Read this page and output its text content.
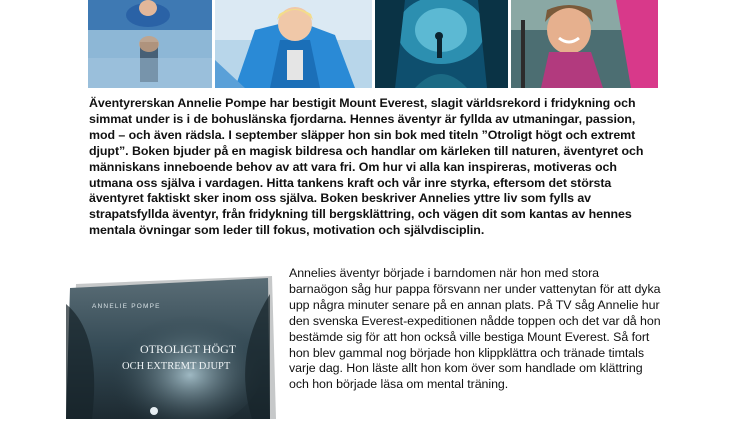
Äventyrerskan Annelie Pompe har bestigit Mount Everest, slagit världsrekord i fridykning och simmat under is i de bohuslänska fjordarna. Hennes äventyr är fyllda av utmaningar, passion, mod – och även rädsla. I september släpper hon sin bok med titeln ”Otroligt högt och extremt djupt”. Boken bjuder på en magisk bildresa och handlar om kärleken till naturen, äventyret och människans inneboende behov av att vara fri. Om hur vi alla kan inspireras, motiveras och utmana oss själva i vardagen. Hitta tankens kraft och vår inre styrka, eftersom det största äventyret faktiskt sker inom oss själva. Boken beskriver Annelies yttre liv som fylls av strapatsfyllda äventyr, från fridykning till bergsklättring, och vägen dit som kantas av hennes mentala övningar som leder till fokus, motivation och självdisciplin.

ANNELIE POMPE
OTROLIGT HÖGT
OCH EXTREMT DJUPT

Annelies äventyr började i barndomen när hon med stora barnaögon såg hur pappa försvann ner under vattenytan för att dyka upp några minuter senare på en annan plats. På TV såg Annelie hur den svenska Everest-expeditionen nådde toppen och det var då hon bestämde sig för att hon också ville bestiga Mount Everest. Så fort hon blev gammal nog började hon klippklättra och tränade timtals varje dag. Hon läste allt hon kom över som handlade om klättring och hon började läsa om mental träning.
